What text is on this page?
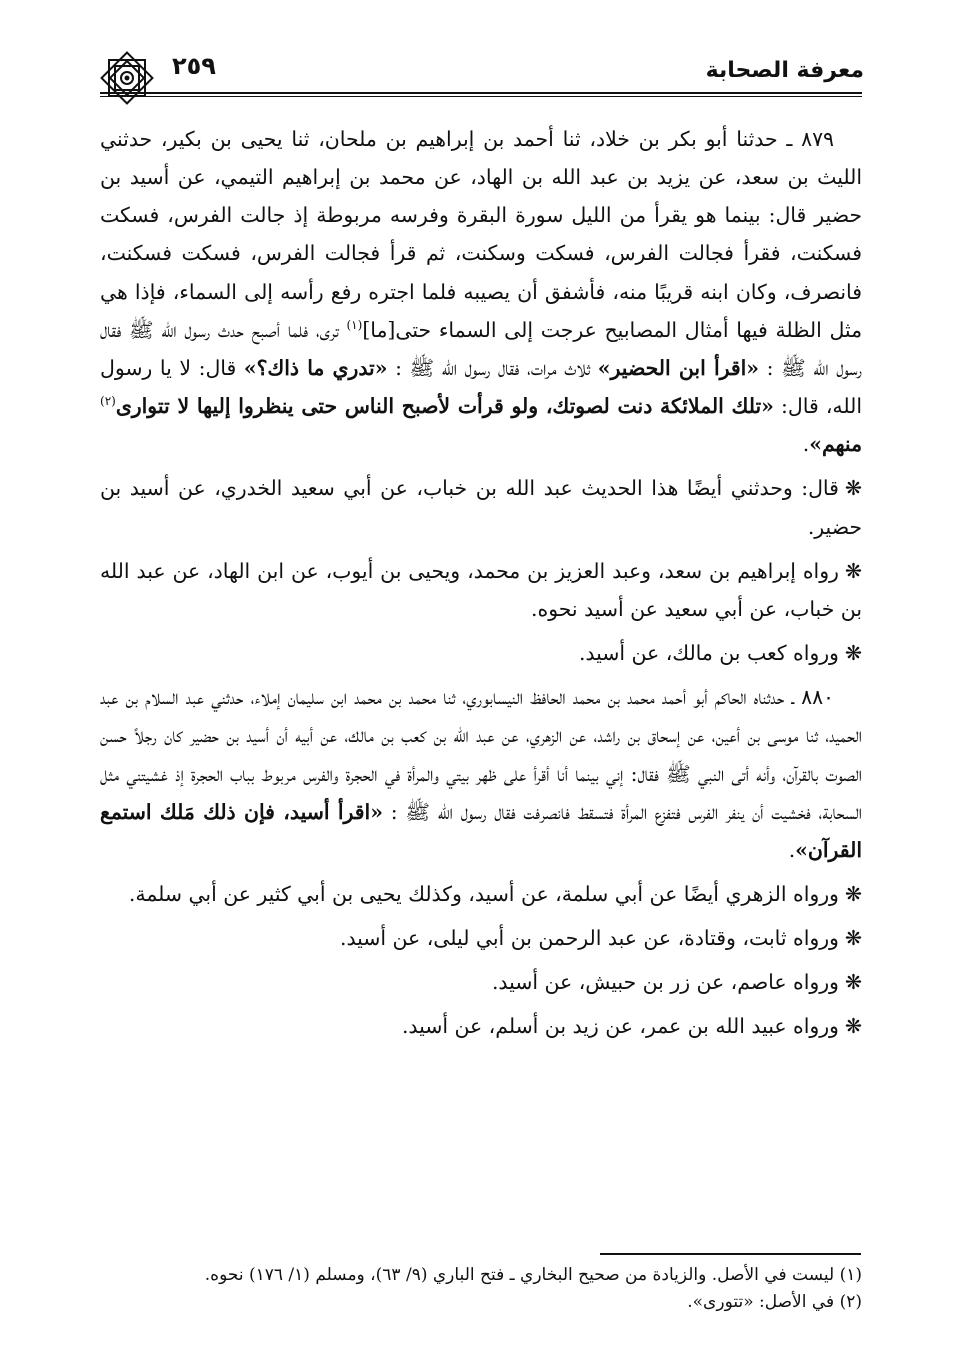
معرفة الصحابة
٢٥٩

٨٧٩ ـ حدثنا أبو بكر بن خلاد، ثنا أحمد بن إبراهيم بن ملحان، ثنا يحيى بن بكير، حدثني الليث بن سعد، عن يزيد بن عبد الله بن الهاد، عن محمد بن إبراهيم التيمي، عن أسيد بن حضير قال: بينما هو يقرأ من الليل سورة البقرة وفرسه مربوطة إذ جالت الفرس، فسكت فسكنت، فقرأ فجالت الفرس، فسكت وسكنت، ثم قرأ فجالت الفرس، فسكت فسكنت، فانصرف، وكان ابنه قريبًا منه، فأشفق أن يصيبه فلما اجتره رفع رأسه إلى السماء، فإذا هي مثل الظلة فيها أمثال المصابيح عرجت إلى السماء حتى[ما]$^{(١)}$ ترى، فلما أصبح حدث رسول الله ﷺ فقال رسول الله ﷺ : «اقرأ ابن الحضير» ثلاث مرات، فقال رسول الله ﷺ : «تدري ما ذاك؟» قال: لا يا رسول الله، قال: «تلك الملائكة دنت لصوتك، ولو قرأت لأصبح الناس حتى ينظروا إليها لا تتوارى$^{(٢)}$ منهم».

❋قال: وحدثني أيضًا هذا الحديث عبد الله بن خباب، عن أبي سعيد الخدري، عن أسيد بن حضير.

❋رواه إبراهيم بن سعد، وعبد العزيز بن محمد، ويحيى بن أيوب، عن ابن الهاد، عن عبد الله بن خباب، عن أبي سعيد عن أسيد نحوه.

❋ورواه كعب بن مالك، عن أسيد.

٨٨٠ ـ حدثناه الحاكم أبو أحمد محمد بن محمد الحافظ النيسابوري، ثنا محمد بن محمد ابن سليمان إملاء، حدثني عبد السلام بن عبد الحميد، ثنا موسى بن أعين، عن إسحاق بن راشد، عن الزهري، عن عبد الله بن كعب بن مالك، عن أبيه أن أسيد بن حضير كان رجلاً حسن الصوت بالقرآن، وأنه أتى النبي ﷺ فقال: إني بينما أنا أقرأ على ظهر بيتي والمرأة في الحجرة والفرس مربوط بباب الحجرة إذ غشيتني مثل السحابة، فخشيت أن ينفر الفرس فتفزع المرأة فتسقط فانصرفت فقال رسول الله ﷺ : «اقرأ أسيد، فإن ذلك مَلك استمع القرآن».

❋ورواه الزهري أيضًا عن أبي سلمة، عن أسيد، وكذلك يحيى بن أبي كثير عن أبي سلمة.

❋ورواه ثابت، وقتادة، عن عبد الرحمن بن أبي ليلى، عن أسيد.

❋ورواه عاصم، عن زر بن حبيش، عن أسيد.

❋ورواه عبيد الله بن عمر، عن زيد بن أسلم، عن أسيد.

(١) ليست في الأصل. والزيادة من صحيح البخاري ـ فتح الباري (٩/ ٦٣)، ومسلم (١/ ١٧٦) نحوه.

(٢) في الأصل: «تتورى».
